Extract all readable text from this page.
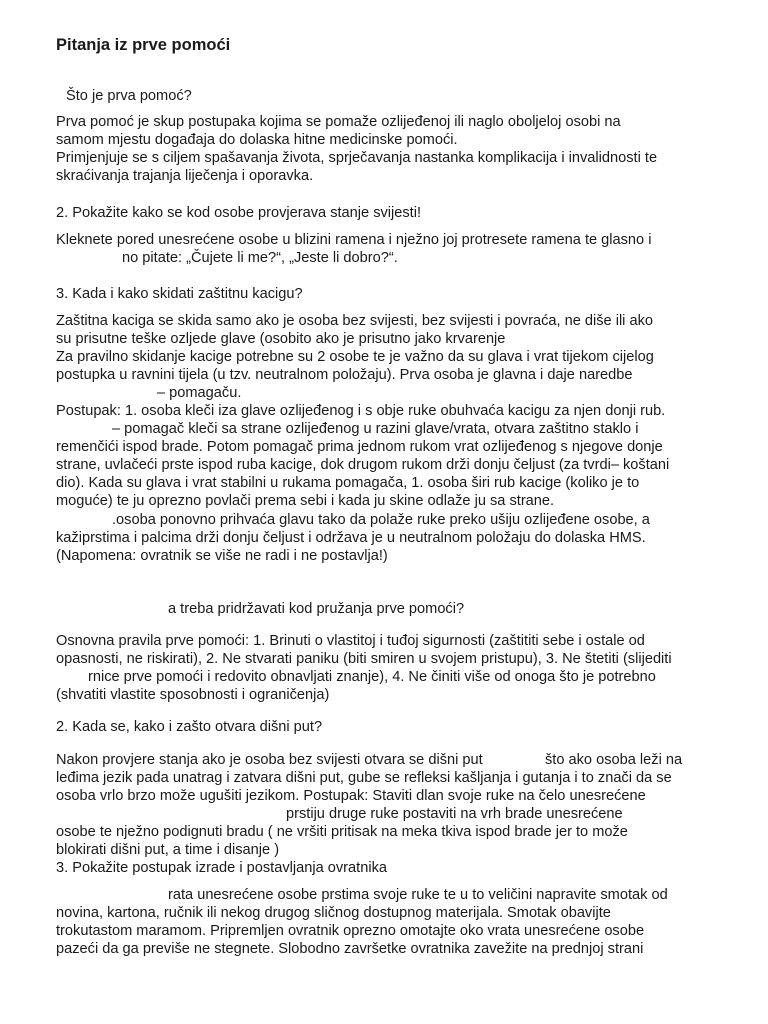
Pitanja iz prve pomoći
Što je prva pomoć?
Prva pomoć je skup postupaka kojima se pomaže ozlijeđenoj ili naglo oboljeloj osobi na
samom mjestu događaja do dolaska hitne medicinske pomoći.
Primjenjuje se s ciljem spašavanja života, sprječavanja nastanka komplikacija i invalidnosti te
skraćivanja trajanja liječenja i oporavka.
2. Pokažite kako se kod osobe provjerava stanje svijesti!
Kleknete pored unesrećene osobe u blizini ramena i nježno joj protresete ramena te glasno i
no pitate: „Čujete li me?“, „Jeste li dobro?“.
3. Kada i kako skidati zaštitnu kacigu?
Zaštitna kaciga se skida samo ako je osoba bez svijesti, bez svijesti i povraća, ne diše ili ako
su prisutne teške ozljede glave (osobito ako je prisutno jako krvarenje
Za pravilno skidanje kacige potrebne su 2 osobe te je važno da su glava i vrat tijekom cijelog
postupka u ravnini tijela (u tzv. neutralnom položaju). Prva osoba je glavna i daje naredbe
– pomagaču.
Postupak: 1. osoba kleči iza glave ozlijeđenog i s obje ruke obuhvaća kacigu za njen donji rub.
– pomagač kleči sa strane ozlijeđenog u razini glave/vrata, otvara zaštitno staklo i
remenčići ispod brade. Potom pomagač prima jednom rukom vrat ozlijeđenog s njegove donje
strane, uvlačeći prste ispod ruba kacige, dok drugom rukom drži donju čeljust (za tvrdi– koštani
dio). Kada su glava i vrat stabilni u rukama pomagača, 1. osoba širi rub kacige (koliko je to
moguće) te ju oprezno povlači prema sebi i kada ju skine odlaže ju sa strane.
.osoba ponovno prihvaća glavu tako da polaže ruke preko ušiju ozlijeđene osobe, a
kažiprstima i palcima drži donju čeljust i održava je u neutralnom položaju do dolaska HMS.
(Napomena: ovratnik se više ne radi i ne postavlja!)
a treba pridržavati kod pružanja prve pomoći?
Osnovna pravila prve pomoći: 1. Brinuti o vlastitoj i tuđoj sigurnosti (zaštititi sebe i ostale od
opasnosti, ne riskirati), 2. Ne stvarati paniku (biti smiren u svojem pristupu), 3. Ne štetiti (slijediti
rnice prve pomoći i redovito obnavljati znanje), 4. Ne činiti više od onoga što je potrebno
(shvatiti vlastite sposobnosti i ograničenja)
2. Kada se, kako i zašto otvara dišni put?
Nakon provjere stanja ako je osoba bez svijesti otvara se dišni put	što ako osoba leži na
leđima jezik pada unatrag i zatvara dišni put, gube se refleksi kašljanja i gutanja i to znači da se
osoba vrlo brzo može ugušiti jezikom. Postupak: Staviti dlan svoje ruke na čelo unesrećene
prstiju druge ruke postaviti na vrh brade unesrećene
osobe te nježno podignuti bradu ( ne vršiti pritisak na meka tkiva ispod brade jer to može
blokirati dišni put, a time i disanje )
3. Pokažite postupak izrade i postavljanja ovratnika
rata unesrećene osobe prstima svoje ruke te u to veličini napravite smotak od
novina, kartona, ručnik ili nekog drugog sličnog dostupnog materijala. Smotak obavijte
trokutastom maramom. Pripremljen ovratnik oprezno omotajte oko vrata unesrećene osobe
pazeći da ga previše ne stegnete. Slobodno završetke ovratnika zavežite na prednjoj strani
